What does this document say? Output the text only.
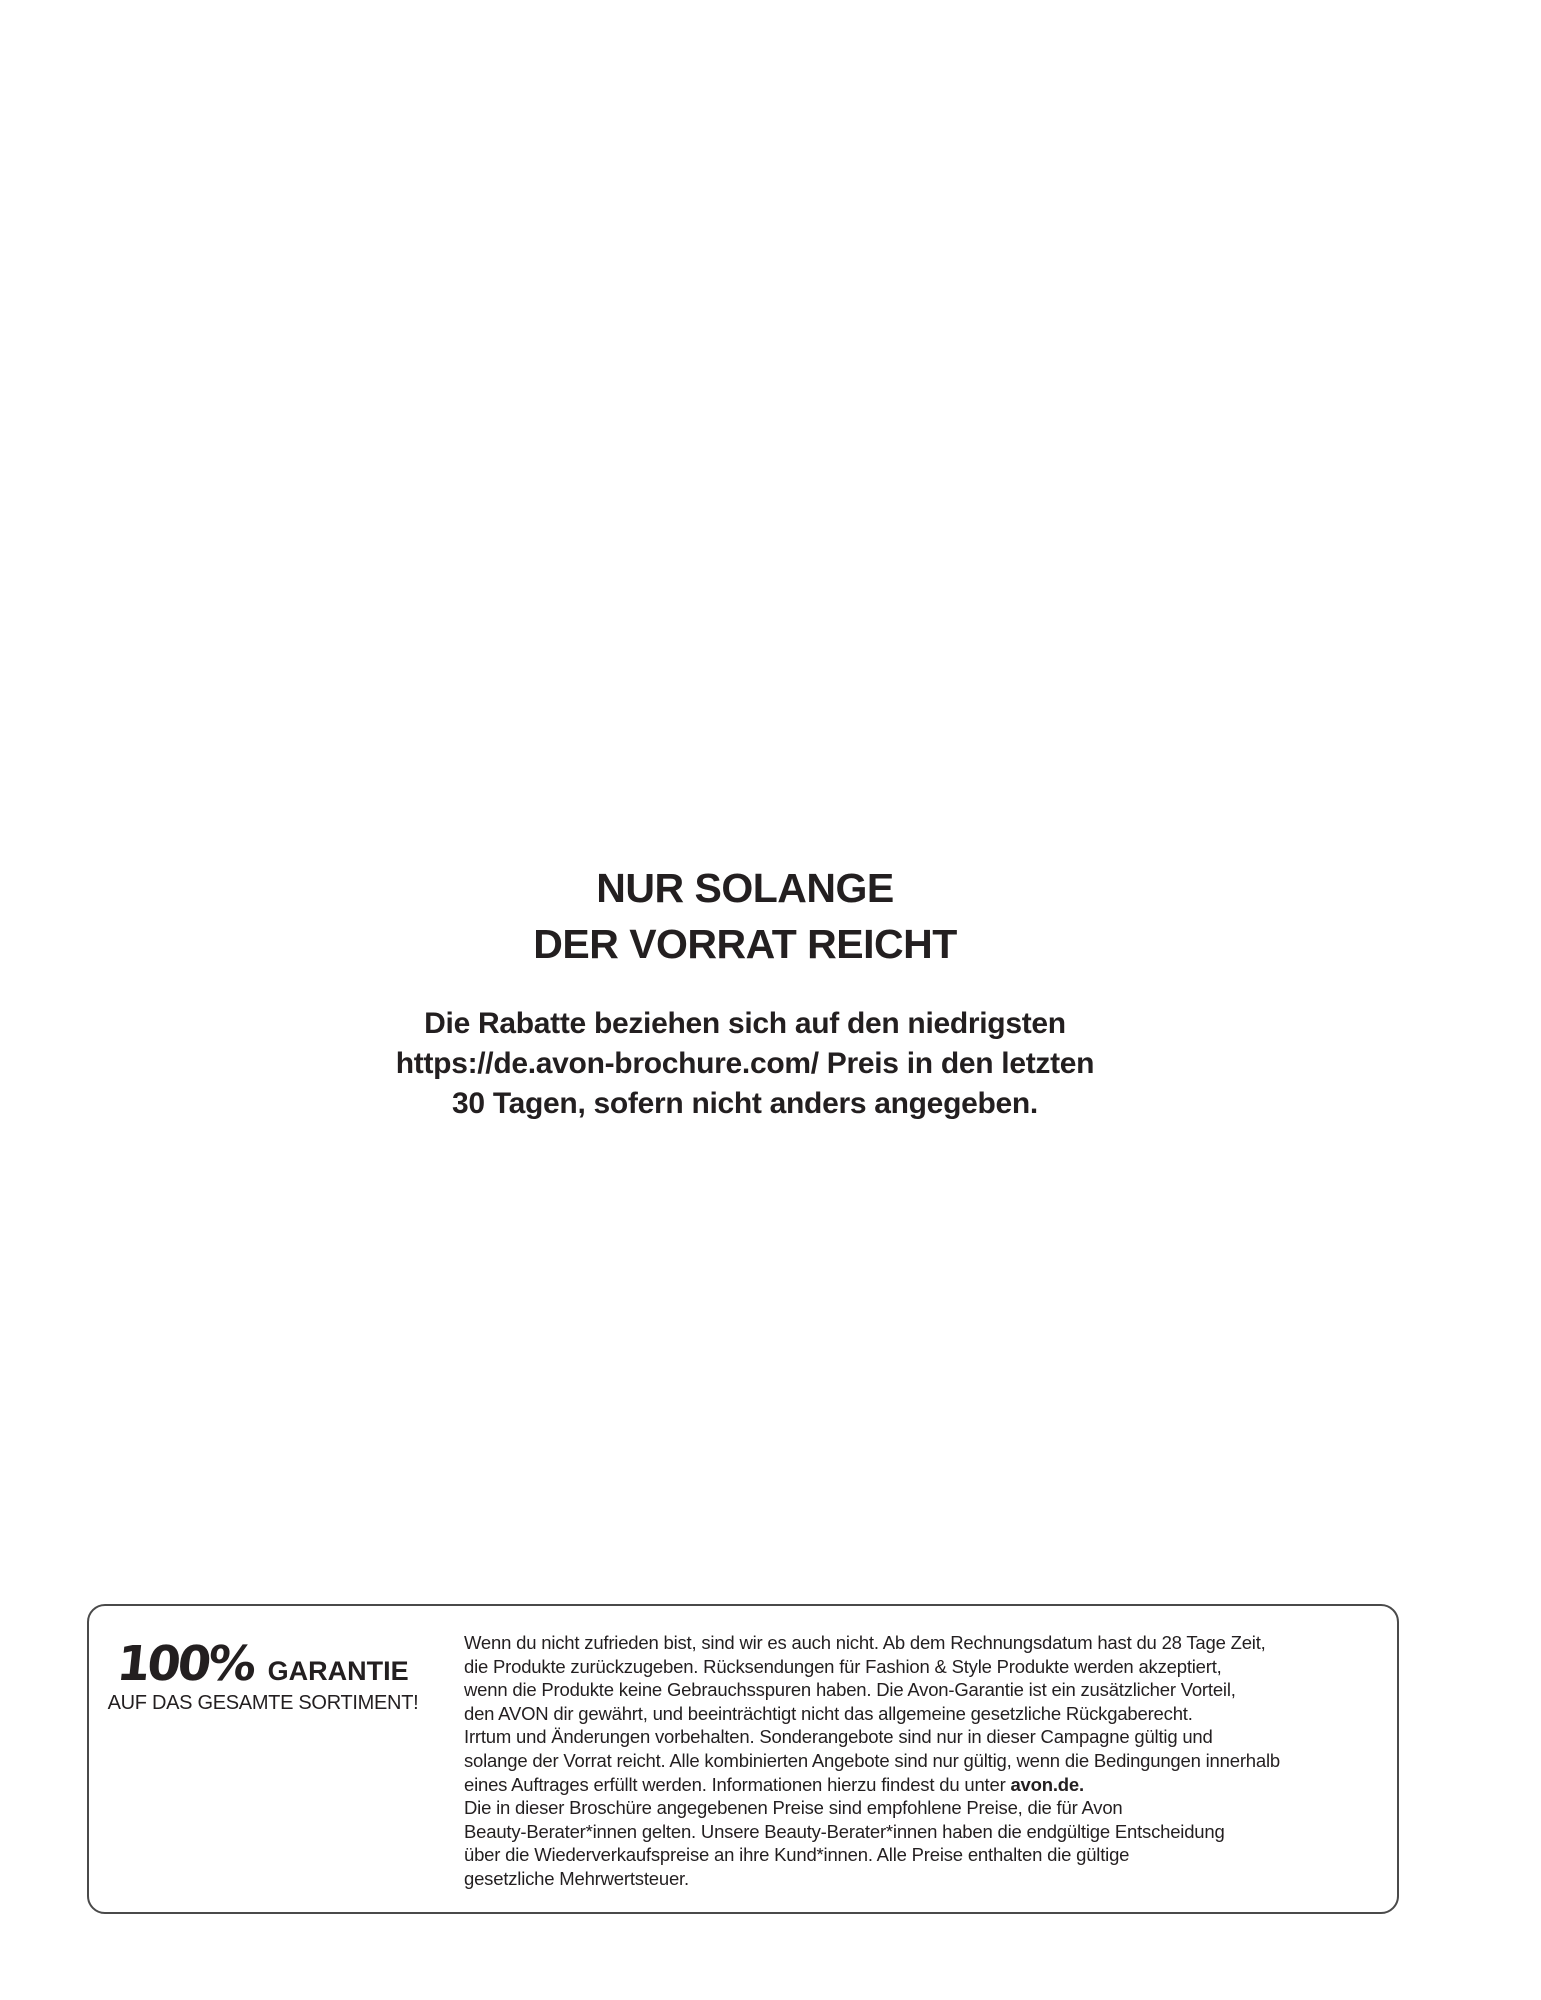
NUR SOLANGE
DER VORRAT REICHT
Die Rabatte beziehen sich auf den niedrigsten
https://de.avon-brochure.com/ Preis in den letzten
30 Tagen, sofern nicht anders angegeben.
100% GARANTIE
AUF DAS GESAMTE SORTIMENT!
Wenn du nicht zufrieden bist, sind wir es auch nicht. Ab dem Rechnungsdatum hast du 28 Tage Zeit,
die Produkte zurückzugeben. Rücksendungen für Fashion & Style Produkte werden akzeptiert,
wenn die Produkte keine Gebrauchsspuren haben. Die Avon-Garantie ist ein zusätzlicher Vorteil,
den AVON dir gewährt, und beeinträchtigt nicht das allgemeine gesetzliche Rückgaberecht.
Irrtum und Änderungen vorbehalten. Sonderangebote sind nur in dieser Campagne gültig und
solange der Vorrat reicht. Alle kombinierten Angebote sind nur gültig, wenn die Bedingungen innerhalb
eines Auftrages erfüllt werden. Informationen hierzu findest du unter avon.de.
Die in dieser Broschüre angegebenen Preise sind empfohlene Preise, die für Avon
Beauty-Berater*innen gelten. Unsere Beauty-Berater*innen haben die endgültige Entscheidung
über die Wiederverkaufspreise an ihre Kund*innen. Alle Preise enthalten die gültige
gesetzliche Mehrwertsteuer.
